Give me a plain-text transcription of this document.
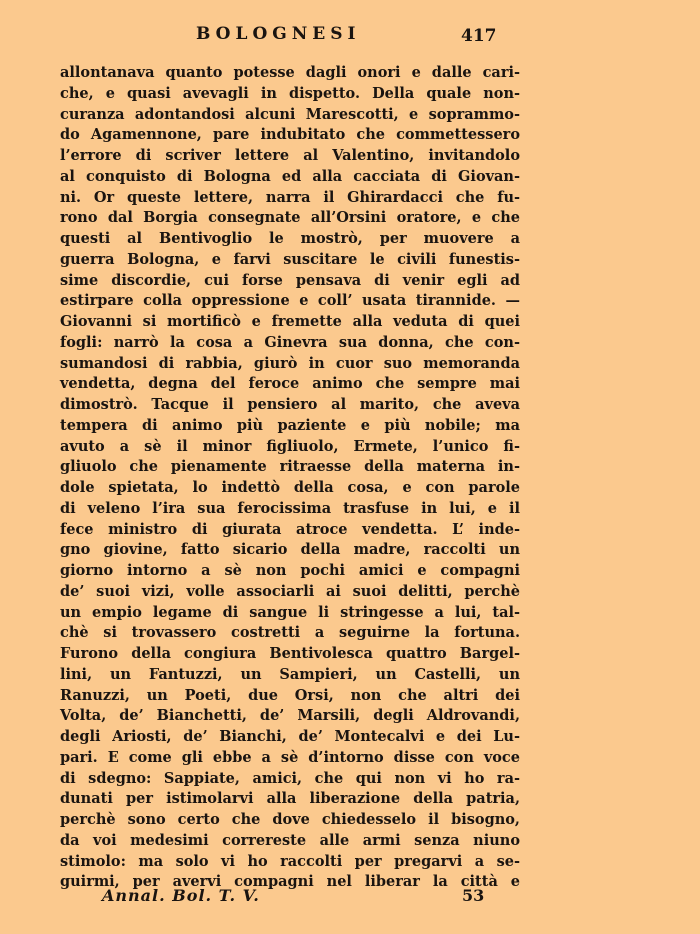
BOLOGNESI	417
allontanava quanto potesse dagli onori e dalle cari-
che, e quasi avevagli in dispetto. Della quale non-
curanza adontandosi alcuni Marescotti, e soprammo-
do Agamennone, pare indubitato che commettessero
l’errore di scriver lettere al Valentino, invitandolo
al conquisto di Bologna ed alla cacciata di Giovan-
ni. Or queste lettere, narra il Ghirardacci che fu-
rono dal Borgia consegnate all’Orsini oratore, e che
questi al Bentivoglio le mostrò, per muovere a
guerra Bologna, e farvi suscitare le civili funestis-
sime discordie, cui forse pensava di venir egli ad
estirpare colla oppressione e coll’ usata tirannide. —
Giovanni si mortificò e fremette alla veduta di quei
fogli: narrò la cosa a Ginevra sua donna, che con-
sumandosi di rabbia, giurò in cuor suo memoranda
vendetta, degna del feroce animo che sempre mai
dimostrò. Tacque il pensiero al marito, che aveva
tempera di animo più paziente e più nobile; ma
avuto a sè il minor figliuolo, Ermete, l’unico fi-
gliuolo che pienamente ritraesse della materna in-
dole spietata, lo indettò della cosa, e con parole
di veleno l’ira sua ferocissima trasfuse in lui, e il
fece ministro di giurata atroce vendetta. L’ inde-
gno giovine, fatto sicario della madre, raccolti un
giorno intorno a sè non pochi amici e compagni
de’ suoi vizi, volle associarli ai suoi delitti, perchè
un empio legame di sangue li stringesse a lui, tal-
chè si trovassero costretti a seguirne la fortuna.
Furono della congiura Bentivolesca quattro Bargel-
lini, un Fantuzzi, un Sampieri, un Castelli, un
Ranuzzi, un Poeti, due Orsi, non che altri dei
Volta, de’ Bianchetti, de’ Marsili, degli Aldrovandi,
degli Ariosti, de’ Bianchi, de’ Montecalvi e dei Lu-
pari. E come gli ebbe a sè d’intorno disse con voce
di sdegno: Sappiate, amici, che qui non vi ho ra-
dunati per istimolarvi alla liberazione della patria,
perchè sono certo che dove chiedesselo il bisogno,
da voi medesimi correreste alle armi senza niuno
stimolo: ma solo vi ho raccolti per pregarvi a se-
guirmi, per avervi compagni nel liberar la città e
Annal. Bol. T. V.	53
